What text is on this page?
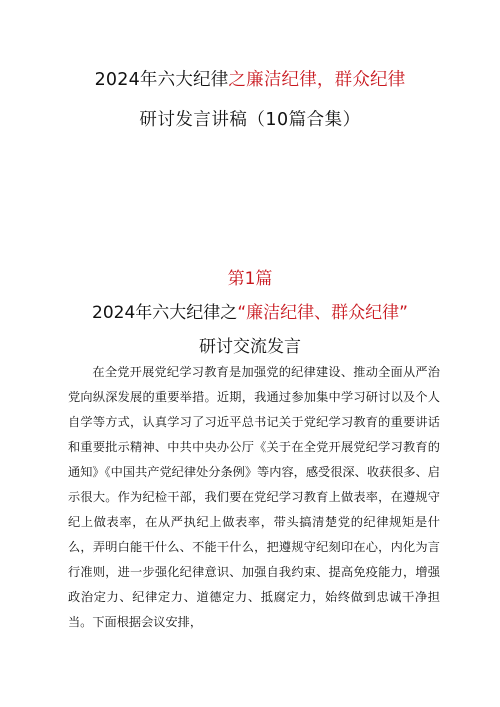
2024年六大纪律之廉洁纪律，群众纪律
研讨发言讲稿（10篇合集）
第1篇
2024年六大纪律之“廉洁纪律、群众纪律”
研讨交流发言

在全党开展党纪学习教育是加强党的纪律建设、推动全面从严治党向纵深发展的重要举措。近期，我通过参加集中学习研讨以及个人自学等方式，认真学习了习近平总书记关于党纪学习教育的重要讲话和重要批示精神、中共中央办公厅《关于在全党开展党纪学习教育的通知》《中国共产党纪律处分条例》等内容，感受很深、收获很多、启示很大。作为纪检干部，我们要在党纪学习教育上做表率，在遵规守纪上做表率，在从严执纪上做表率，带头搞清楚党的纪律规矩是什么，弄明白能干什么、不能干什么，把遵规守纪刻印在心，内化为言行准则，进一步强化纪律意识、加强自我约束、提高免疫能力，增强政治定力、纪律定力、道德定力、抵腐定力，始终做到忠诚干净担当。下面根据会议安排，
